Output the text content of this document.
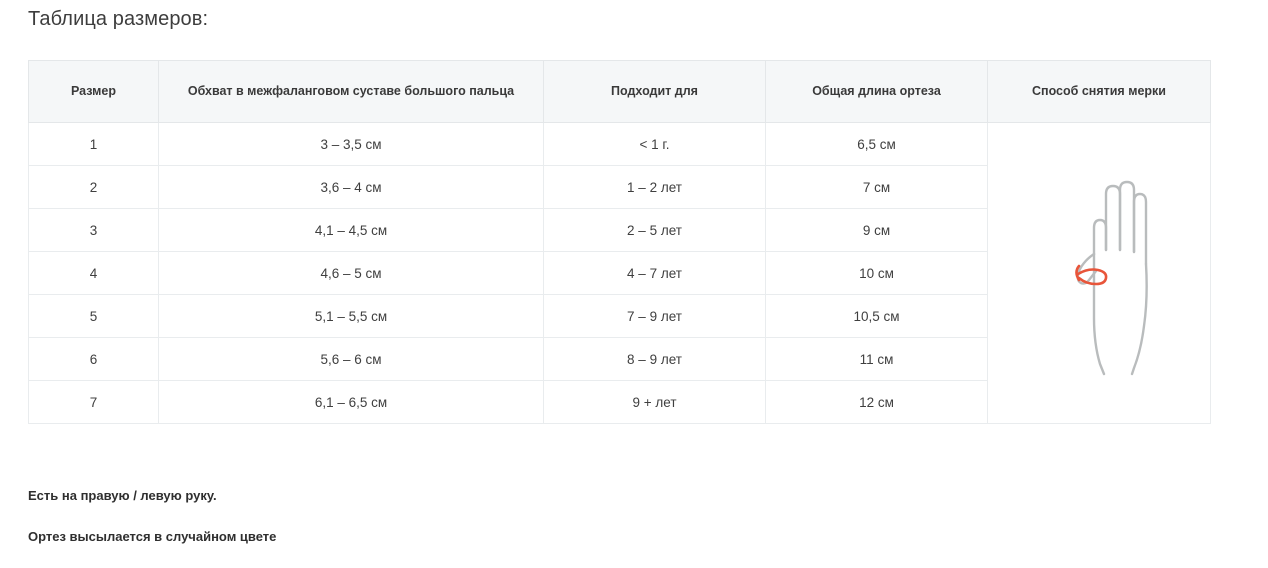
Таблица размеров:
Размер	Обхват в межфаланговом суставе большого пальца	Подходит для	Общая длина ортеза	Способ снятия мерки
1	3 – 3,5 см	< 1 г.	6,5 см	

2	3,6 – 4 см	1 – 2 лет	7 см	
3	4,1 – 4,5 см	2 – 5 лет	9 см	
4	4,6 – 5 см	4 – 7 лет	10 см	
5	5,1 – 5,5 см	7 – 9 лет	10,5 см	
6	5,6 – 6 см	8 – 9 лет	11 см	
7	6,1 – 6,5 см	9 + лет	12 см	
Есть на правую / левую руку.
Ортез высылается в случайном цвете
